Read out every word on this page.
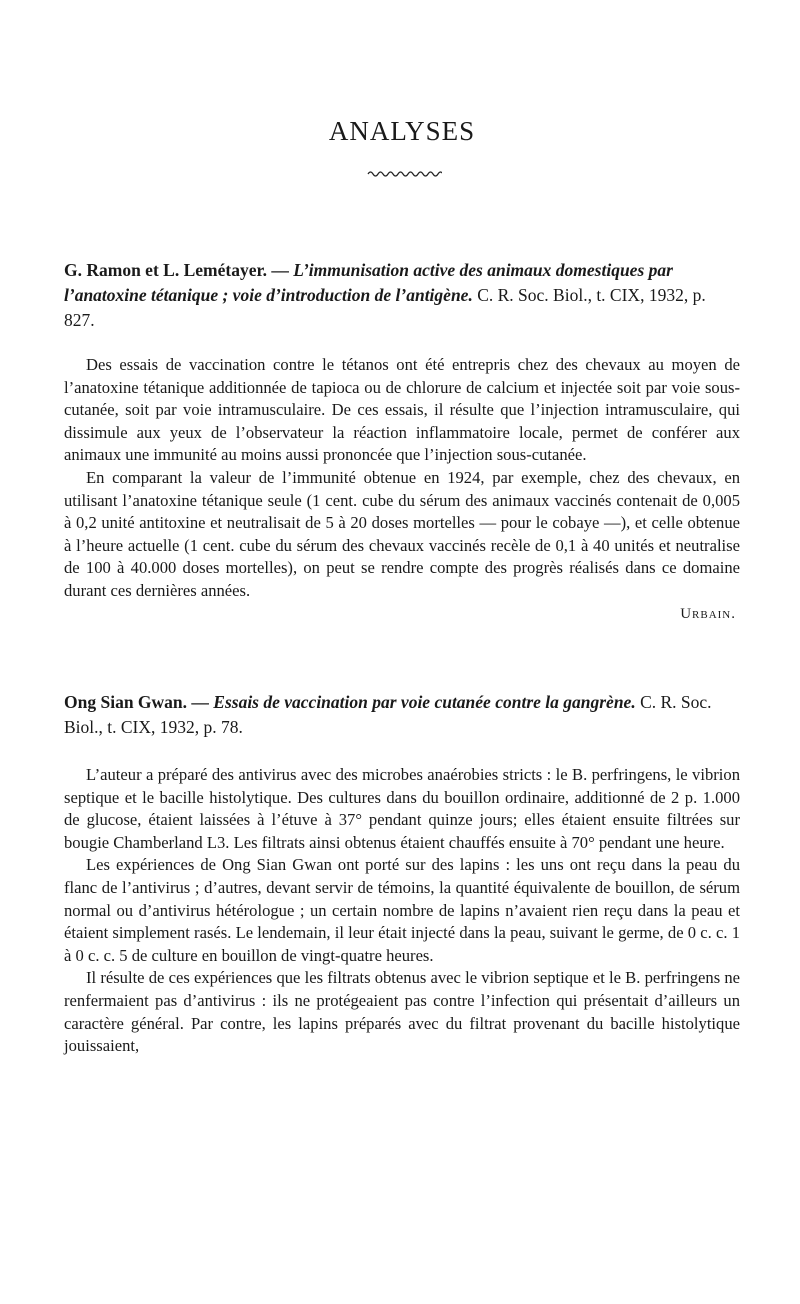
ANALYSES
G. Ramon et L. Lemétayer. — L’immunisation active des animaux domestiques par l’anatoxine tétanique ; voie d’introduction de l’antigène. C. R. Soc. Biol., t. CIX, 1932, p. 827.

Des essais de vaccination contre le tétanos ont été entrepris chez des chevaux au moyen de l’anatoxine tétanique additionnée de tapioca ou de chlorure de calcium et injectée soit par voie sous-cutanée, soit par voie intramusculaire. De ces essais, il résulte que l’injection intramusculaire, qui dissimule aux yeux de l’observateur la réaction inflammatoire locale, permet de conférer aux animaux une immunité au moins aussi prononcée que l’injection sous-cutanée.

En comparant la valeur de l’immunité obtenue en 1924, par exemple, chez des chevaux, en utilisant l’anatoxine tétanique seule (1 cent. cube du sérum des animaux vaccinés contenait de 0,005 à 0,2 unité antitoxine et neutralisait de 5 à 20 doses mortelles — pour le cobaye —), et celle obtenue à l’heure actuelle (1 cent. cube du sérum des chevaux vaccinés recèle de 0,1 à 40 unités et neutralise de 100 à 40.000 doses mortelles), on peut se rendre compte des progrès réalisés dans ce domaine durant ces dernières années.

Urbain.

Ong Sian Gwan. — Essais de vaccination par voie cutanée contre la gangrène. C. R. Soc. Biol., t. CIX, 1932, p. 78.

L’auteur a préparé des antivirus avec des microbes anaérobies stricts : le B. perfringens, le vibrion septique et le bacille histolytique. Des cultures dans du bouillon ordinaire, additionné de 2 p. 1.000 de glucose, étaient laissées à l’étuve à 37° pendant quinze jours; elles étaient ensuite filtrées sur bougie Chamberland L3. Les filtrats ainsi obtenus étaient chauffés ensuite à 70° pendant une heure.

Les expériences de Ong Sian Gwan ont porté sur des lapins : les uns ont reçu dans la peau du flanc de l’antivirus ; d’autres, devant servir de témoins, la quantité équivalente de bouillon, de sérum normal ou d’antivirus hétérologue ; un certain nombre de lapins n’avaient rien reçu dans la peau et étaient simplement rasés. Le lendemain, il leur était injecté dans la peau, suivant le germe, de 0 c. c. 1 à 0 c. c. 5 de culture en bouillon de vingt-quatre heures.

Il résulte de ces expériences que les filtrats obtenus avec le vibrion septique et le B. perfringens ne renfermaient pas d’antivirus : ils ne protégeaient pas contre l’infection qui présentait d’ailleurs un caractère général. Par contre, les lapins préparés avec du filtrat provenant du bacille histolytique jouissaient,
